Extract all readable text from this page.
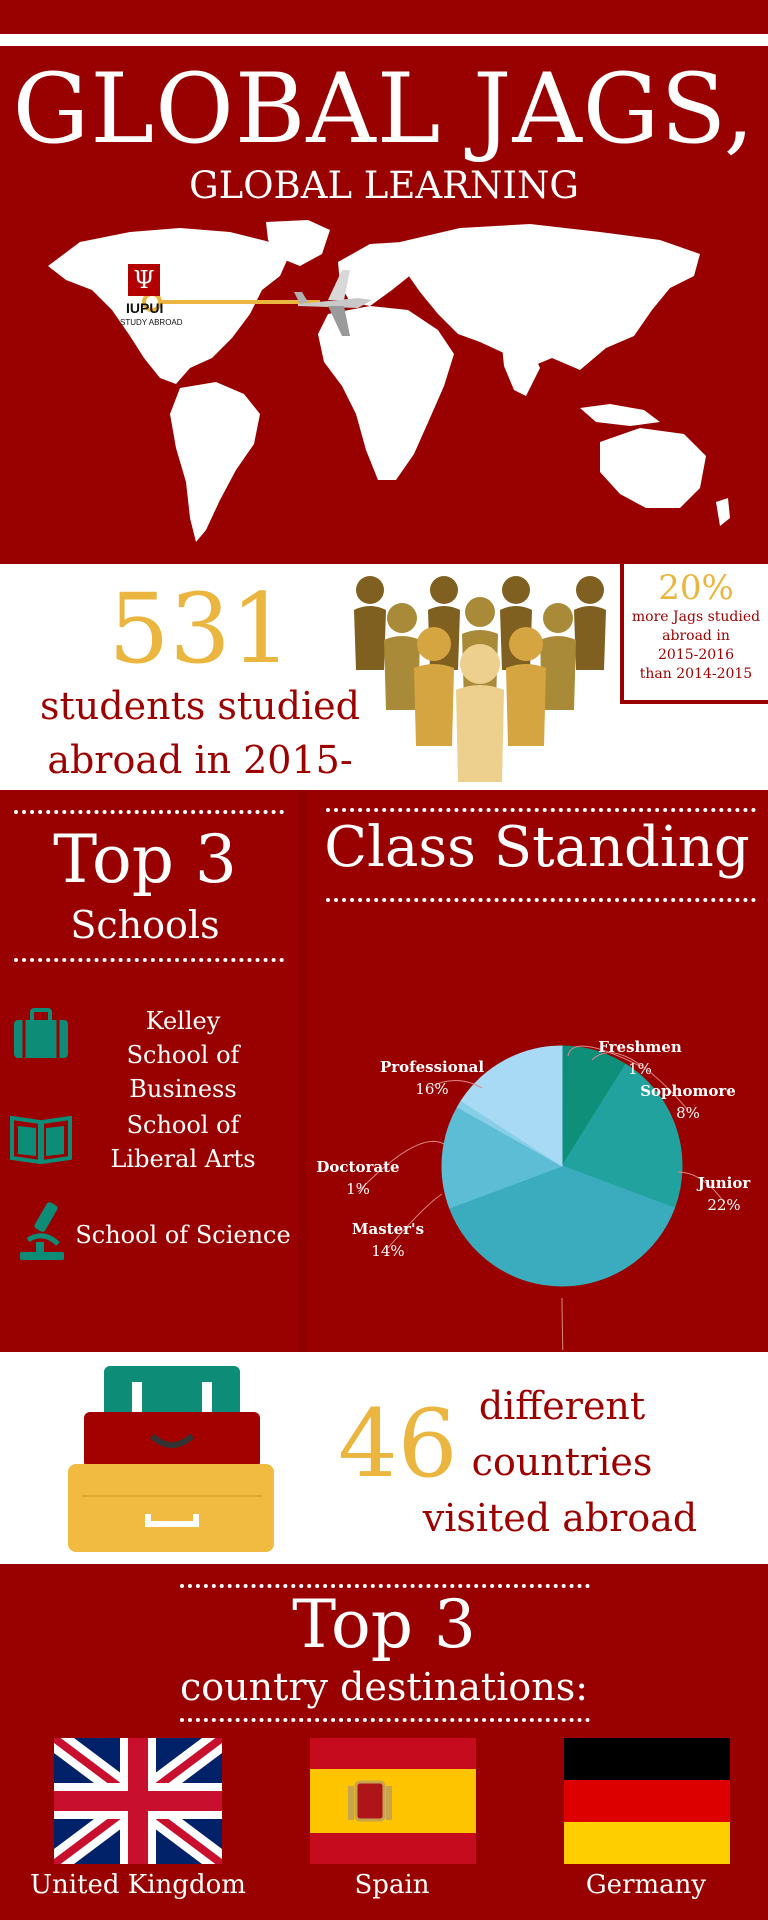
GLOBAL JAGS,
GLOBAL LEARNING
Ψ
IUPUI
STUDY ABROAD
531
students studied
abroad in 2015-
20%
more Jags studied
abroad in
2015-2016
than 2014-2015
Top 3
Schools
Kelley
School of Business
School of
Liberal Arts
School of Science
Class Standing
Freshmen
1%
Sophomore
8%
Junior
22%
Master's
14%
Doctorate
1%
Professional
16%
46 different
countries
visited abroad
Top 3
country destinations:
United Kingdom	Spain	Germany
